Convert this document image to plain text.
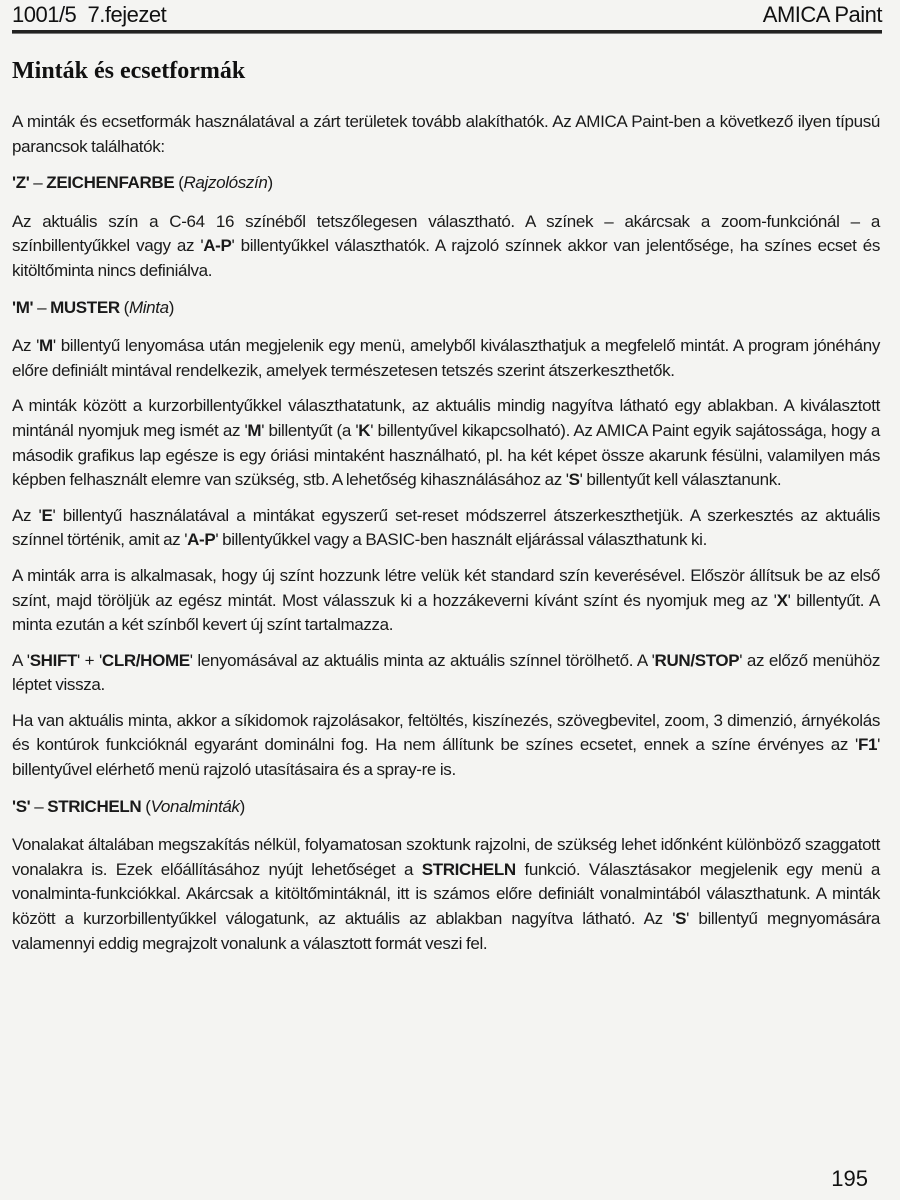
1001/5  7.fejezet	AMICA Paint
Minták és ecsetformák

A minták és ecsetformák használatával a zárt területek tovább alakíthatók. Az AMICA Paint-ben a következő ilyen típusú parancsok találhatók:

'Z' – ZEICHENFARBE (Rajzolószín)

Az aktuális szín a C-64 16 színéből tetszőlegesen választható. A színek – akárcsak a zoom-funkciónál – a színbillentyűkkel vagy az 'A-P' billentyűkkel választhatók. A rajzoló színnek akkor van jelentősége, ha színes ecset és kitöltőminta nincs definiálva.

'M' – MUSTER (Minta)

Az 'M' billentyű lenyomása után megjelenik egy menü, amelyből kiválaszthatjuk a megfelelő mintát. A program jónéhány előre definiált mintával rendelkezik, amelyek természetesen tetszés szerint átszerkeszthetők.

A minták között a kurzorbillentyűkkel választhatatunk, az aktuális mindig nagyítva látható egy ablakban. A kiválasztott mintánál nyomjuk meg ismét az 'M' billentyűt (a 'K' billentyűvel kikapcsolható). Az AMICA Paint egyik sajátossága, hogy a második grafikus lap egésze is egy óriási mintaként használható, pl. ha két képet össze akarunk fésülni, valamilyen más képben felhasznált elemre van szükség, stb. A lehetőség kihasználásához az 'S' billentyűt kell választanunk.

Az 'E' billentyű használatával a mintákat egyszerű set-reset módszerrel átszerkeszthetjük. A szerkesztés az aktuális színnel történik, amit az 'A-P' billentyűkkel vagy a BASIC-ben használt eljárással választhatunk ki.

A minták arra is alkalmasak, hogy új színt hozzunk létre velük két standard szín keverésével. Először állítsuk be az első színt, majd töröljük az egész mintát. Most válasszuk ki a hozzákeverni kívánt színt és nyomjuk meg az 'X' billentyűt. A minta ezután a két színből kevert új színt tartalmazza.

A 'SHIFT' + 'CLR/HOME' lenyomásával az aktuális minta az aktuális színnel törölhető. A 'RUN/STOP' az előző menühöz léptet vissza.

Ha van aktuális minta, akkor a síkidomok rajzolásakor, feltöltés, kiszínezés, szövegbevitel, zoom, 3 dimenzió, árnyékolás és kontúrok funkcióknál egyaránt dominálni fog. Ha nem állítunk be színes ecsetet, ennek a színe érvényes az 'F1' billentyűvel elérhető menü rajzoló utasításaira és a spray-re is.

'S' – STRICHELN (Vonalminták)

Vonalakat általában megszakítás nélkül, folyamatosan szoktunk rajzolni, de szükség lehet időnként különböző szaggatott vonalakra is. Ezek előállításához nyújt lehetőséget a STRICHELN funkció. Választásakor megjelenik egy menü a vonalminta-funkciókkal. Akárcsak a kitöltőmintáknál, itt is számos előre definiált vonalmintából választhatunk. A minták között a kurzorbillentyűkkel válogatunk, az aktuális az ablakban nagyítva látható. Az 'S' billentyű megnyomására valamennyi eddig megrajzolt vonalunk a választott formát veszi fel.

195
